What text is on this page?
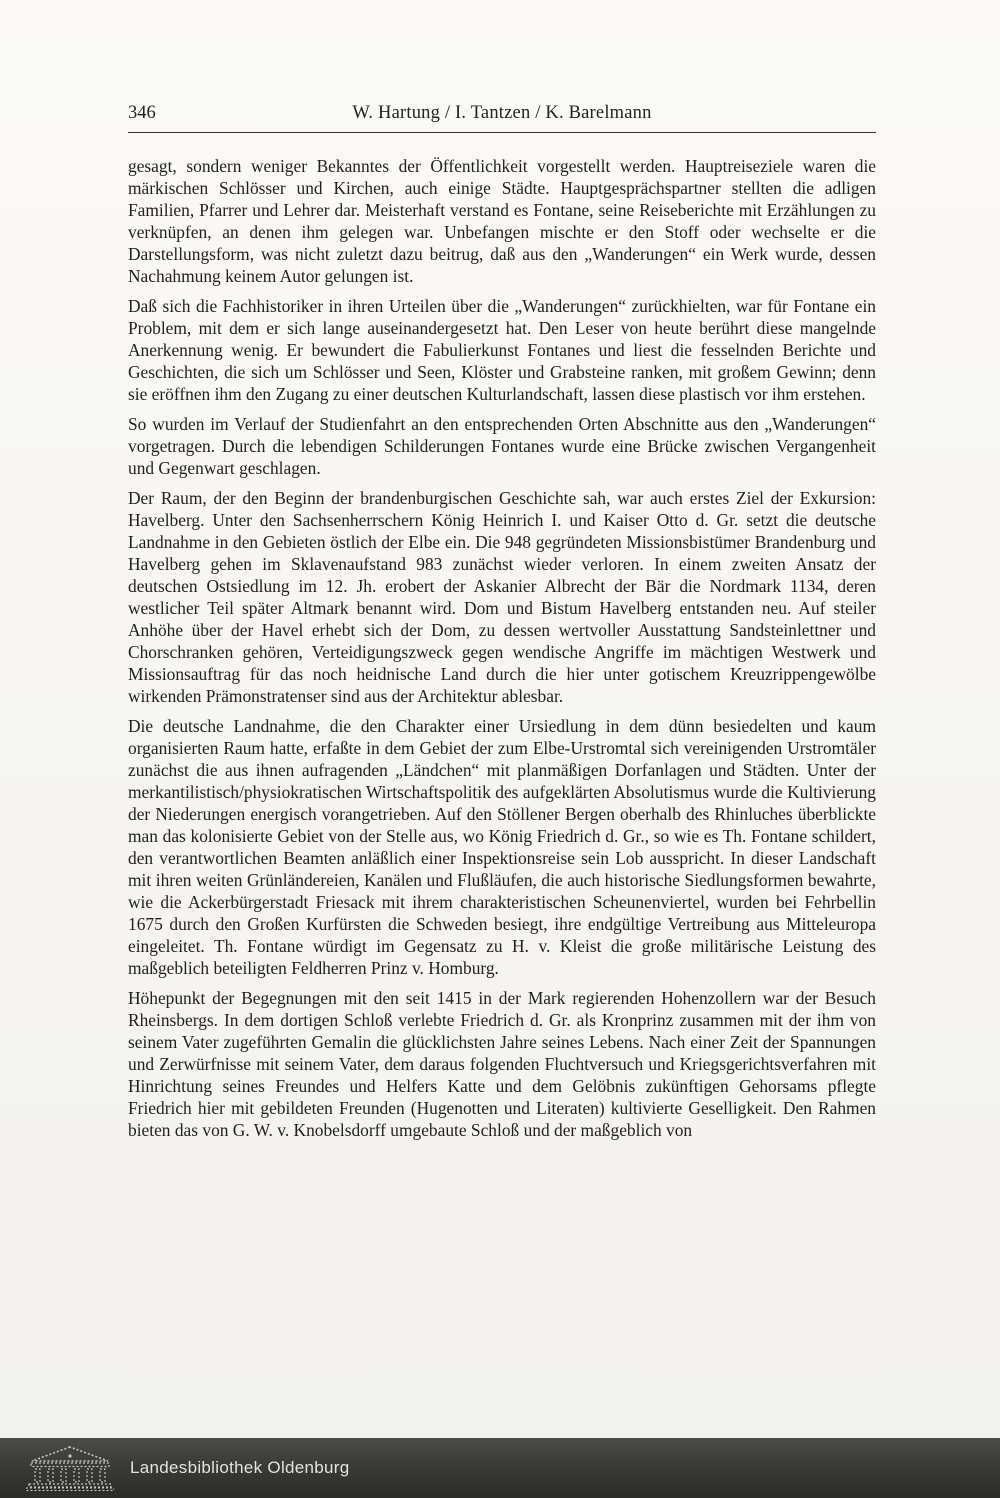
346	W. Hartung / I. Tantzen / K. Barelmann

gesagt, sondern weniger Bekanntes der Öffentlichkeit vorgestellt werden. Hauptreiseziele waren die märkischen Schlösser und Kirchen, auch einige Städte. Hauptgesprächspartner stellten die adligen Familien, Pfarrer und Lehrer dar. Meisterhaft verstand es Fontane, seine Reiseberichte mit Erzählungen zu verknüpfen, an denen ihm gelegen war. Unbefangen mischte er den Stoff oder wechselte er die Darstellungsform, was nicht zuletzt dazu beitrug, daß aus den „Wanderungen“ ein Werk wurde, dessen Nachahmung keinem Autor gelungen ist.

Daß sich die Fachhistoriker in ihren Urteilen über die „Wanderungen“ zurückhielten, war für Fontane ein Problem, mit dem er sich lange auseinandergesetzt hat. Den Leser von heute berührt diese mangelnde Anerkennung wenig. Er bewundert die Fabulierkunst Fontanes und liest die fesselnden Berichte und Geschichten, die sich um Schlösser und Seen, Klöster und Grabsteine ranken, mit großem Gewinn; denn sie eröffnen ihm den Zugang zu einer deutschen Kulturlandschaft, lassen diese plastisch vor ihm erstehen.

So wurden im Verlauf der Studienfahrt an den entsprechenden Orten Abschnitte aus den „Wanderungen“ vorgetragen. Durch die lebendigen Schilderungen Fontanes wurde eine Brücke zwischen Vergangenheit und Gegenwart geschlagen.

Der Raum, der den Beginn der brandenburgischen Geschichte sah, war auch erstes Ziel der Exkursion: Havelberg. Unter den Sachsenherrschern König Heinrich I. und Kaiser Otto d. Gr. setzt die deutsche Landnahme in den Gebieten östlich der Elbe ein. Die 948 gegründeten Missionsbistümer Brandenburg und Havelberg gehen im Sklavenaufstand 983 zunächst wieder verloren. In einem zweiten Ansatz der deutschen Ostsiedlung im 12. Jh. erobert der Askanier Albrecht der Bär die Nordmark 1134, deren westlicher Teil später Altmark benannt wird. Dom und Bistum Havelberg entstanden neu. Auf steiler Anhöhe über der Havel erhebt sich der Dom, zu dessen wertvoller Ausstattung Sandsteinlettner und Chorschranken gehören, Verteidigungszweck gegen wendische Angriffe im mächtigen Westwerk und Missionsauftrag für das noch heidnische Land durch die hier unter gotischem Kreuzrippengewölbe wirkenden Prämonstratenser sind aus der Architektur ablesbar.

Die deutsche Landnahme, die den Charakter einer Ursiedlung in dem dünn besiedelten und kaum organisierten Raum hatte, erfaßte in dem Gebiet der zum Elbe-Urstromtal sich vereinigenden Urstromtäler zunächst die aus ihnen aufragenden „Ländchen“ mit planmäßigen Dorfanlagen und Städten. Unter der merkantilistisch/physiokratischen Wirtschaftspolitik des aufgeklärten Absolutismus wurde die Kultivierung der Niederungen energisch vorangetrieben. Auf den Stöllener Bergen oberhalb des Rhinluches überblickte man das kolonisierte Gebiet von der Stelle aus, wo König Friedrich d. Gr., so wie es Th. Fontane schildert, den verantwortlichen Beamten anläßlich einer Inspektionsreise sein Lob ausspricht. In dieser Landschaft mit ihren weiten Grünländereien, Kanälen und Flußläufen, die auch historische Siedlungsformen bewahrte, wie die Ackerbürgerstadt Friesack mit ihrem charakteristischen Scheunenviertel, wurden bei Fehrbellin 1675 durch den Großen Kurfürsten die Schweden besiegt, ihre endgültige Vertreibung aus Mitteleuropa eingeleitet. Th. Fontane würdigt im Gegensatz zu H. v. Kleist die große militärische Leistung des maßgeblich beteiligten Feldherren Prinz v. Homburg.

Höhepunkt der Begegnungen mit den seit 1415 in der Mark regierenden Hohenzollern war der Besuch Rheinsbergs. In dem dortigen Schloß verlebte Friedrich d. Gr. als Kronprinz zusammen mit der ihm von seinem Vater zugeführten Gemalin die glücklichsten Jahre seines Lebens. Nach einer Zeit der Spannungen und Zerwürfnisse mit seinem Vater, dem daraus folgenden Fluchtversuch und Kriegsgerichtsverfahren mit Hinrichtung seines Freundes und Helfers Katte und dem Gelöbnis zukünftigen Gehorsams pflegte Friedrich hier mit gebildeten Freunden (Hugenotten und Literaten) kultivierte Geselligkeit. Den Rahmen bieten das von G. W. v. Knobelsdorff umgebaute Schloß und der maßgeblich von

Landesbibliothek Oldenburg
